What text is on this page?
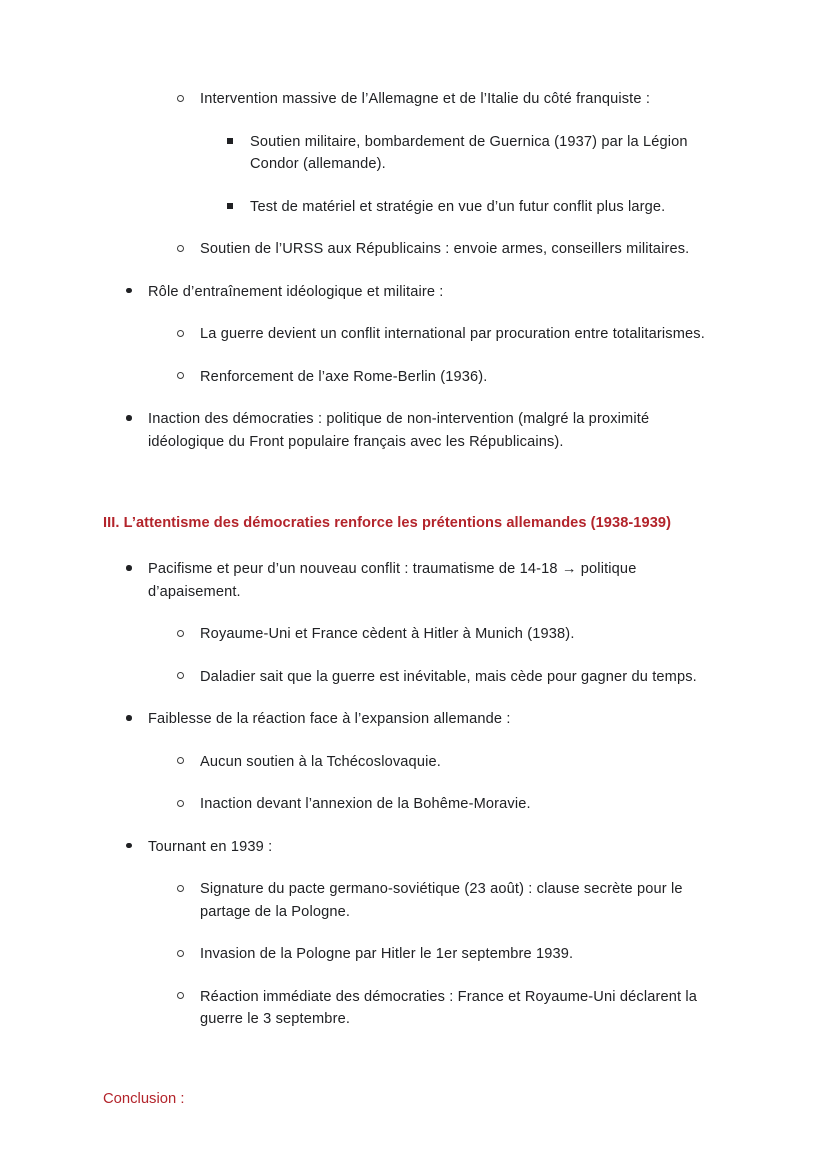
Intervention massive de l’Allemagne et de l’Italie du côté franquiste :
Soutien militaire, bombardement de Guernica (1937) par la Légion Condor (allemande).
Test de matériel et stratégie en vue d’un futur conflit plus large.
Soutien de l’URSS aux Républicains : envoie armes, conseillers militaires.
Rôle d’entraînement idéologique et militaire :
La guerre devient un conflit international par procuration entre totalitarismes.
Renforcement de l’axe Rome-Berlin (1936).
Inaction des démocraties : politique de non-intervention (malgré la proximité idéologique du Front populaire français avec les Républicains).
III. L’attentisme des démocraties renforce les prétentions allemandes (1938-1939)
Pacifisme et peur d’un nouveau conflit : traumatisme de 14-18 → politique d’apaisement.
Royaume-Uni et France cèdent à Hitler à Munich (1938).
Daladier sait que la guerre est inévitable, mais cède pour gagner du temps.
Faiblesse de la réaction face à l’expansion allemande :
Aucun soutien à la Tchécoslovaquie.
Inaction devant l’annexion de la Bohême-Moravie.
Tournant en 1939 :
Signature du pacte germano-soviétique (23 août) : clause secrète pour le partage de la Pologne.
Invasion de la Pologne par Hitler le 1er septembre 1939.
Réaction immédiate des démocraties : France et Royaume-Uni déclarent la guerre le 3 septembre.
Conclusion :
